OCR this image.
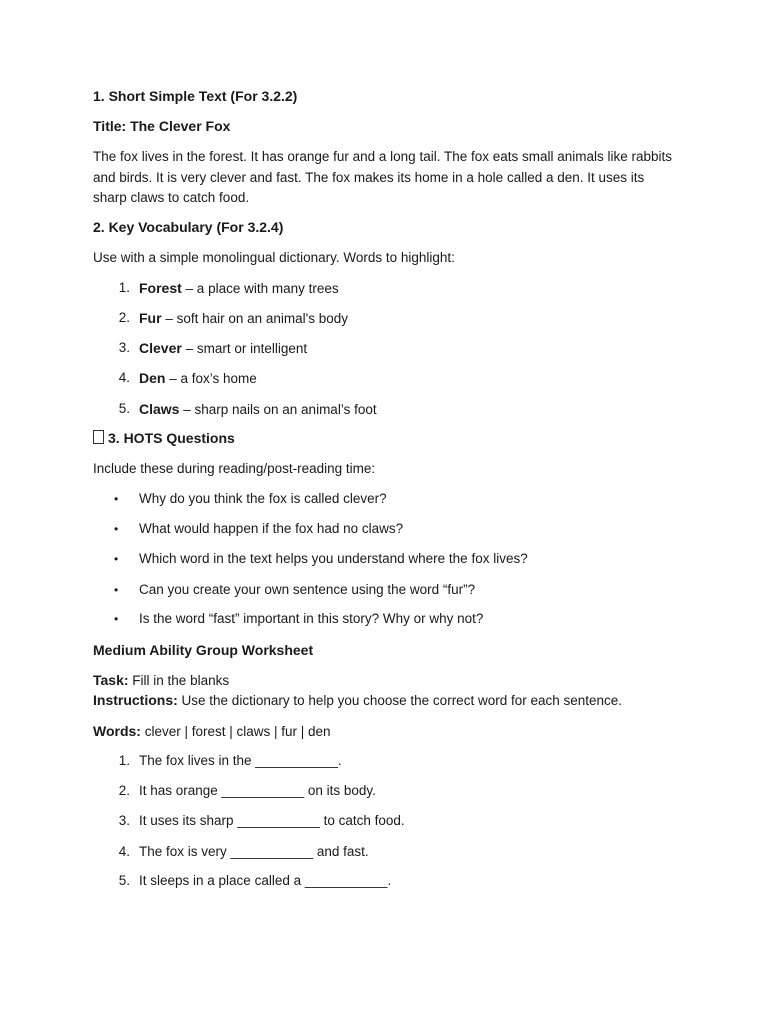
1. Short Simple Text (For 3.2.2)
Title: The Clever Fox
The fox lives in the forest. It has orange fur and a long tail. The fox eats small animals like rabbits and birds. It is very clever and fast. The fox makes its home in a hole called a den. It uses its sharp claws to catch food.
2. Key Vocabulary (For 3.2.4)
Use with a simple monolingual dictionary. Words to highlight:
1. Forest – a place with many trees
2. Fur – soft hair on an animal's body
3. Clever – smart or intelligent
4. Den – a fox’s home
5. Claws – sharp nails on an animal’s foot
3. HOTS Questions
Include these during reading/post-reading time:
• Why do you think the fox is called clever?
• What would happen if the fox had no claws?
• Which word in the text helps you understand where the fox lives?
• Can you create your own sentence using the word “fur”?
• Is the word “fast” important in this story? Why or why not?
Medium Ability Group Worksheet
Task: Fill in the blanks
Instructions: Use the dictionary to help you choose the correct word for each sentence.
Words: clever | forest | claws | fur | den
1. The fox lives in the ___________.
2. It has orange ___________ on its body.
3. It uses its sharp ___________ to catch food.
4. The fox is very ___________ and fast.
5. It sleeps in a place called a ___________.
